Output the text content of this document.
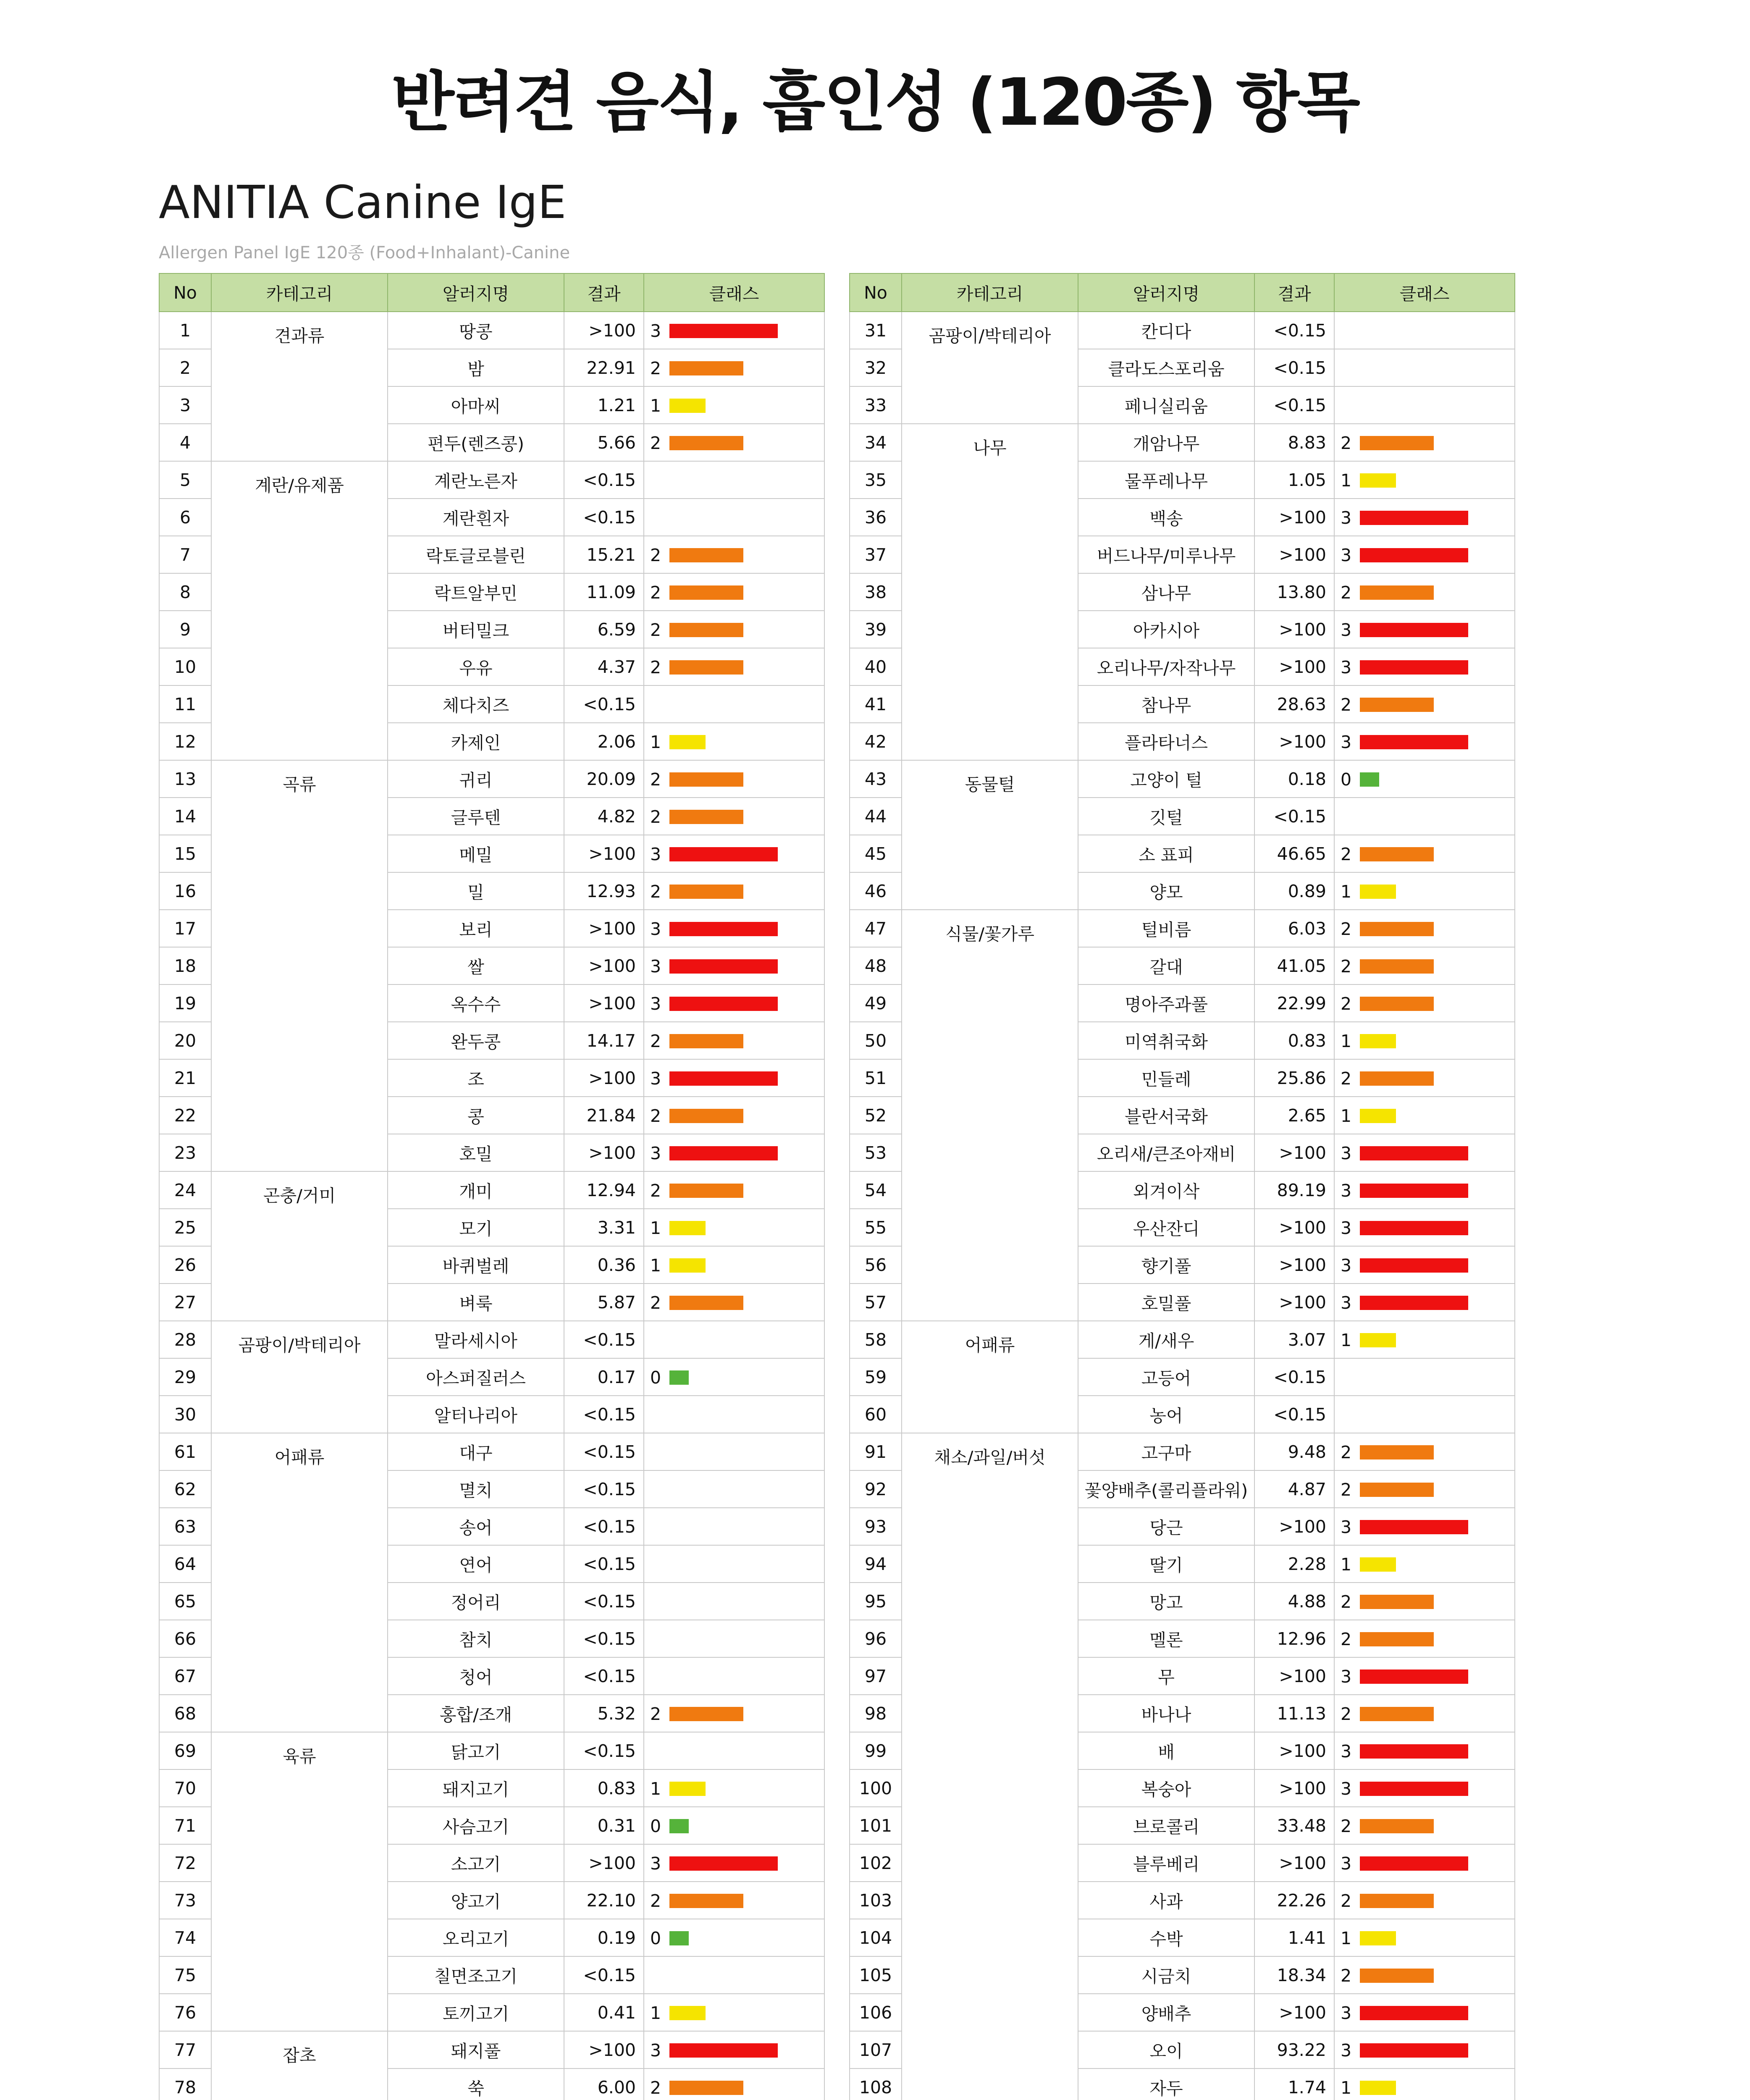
반려견 음식, 흡인성 (120종) 항목
ANITIA Canine IgE
Allergen Panel IgE 120종 (Food+Inhalant)-Canine
No	카테고리	알러지명	결과	클래스
1	견과류	땅콩	>100	3
2		밤	22.91	2
3		아마씨	1.21	1
4		편두(렌즈콩)	5.66	2
5	계란/유제품	계란노른자	<0.15	
6		계란흰자	<0.15	
7		락토글로블린	15.21	2
8		락트알부민	11.09	2
9		버터밀크	6.59	2
10		우유	4.37	2
11		체다치즈	<0.15	
12		카제인	2.06	1
13	곡류	귀리	20.09	2
14		글루텐	4.82	2
15		메밀	>100	3
16		밀	12.93	2
17		보리	>100	3
18		쌀	>100	3
19		옥수수	>100	3
20		완두콩	14.17	2
21		조	>100	3
22		콩	21.84	2
23		호밀	>100	3
24	곤충/거미	개미	12.94	2
25		모기	3.31	1
26		바퀴벌레	0.36	1
27		벼룩	5.87	2
28	곰팡이/박테리아	말라세시아	<0.15	
29		아스퍼질러스	0.17	0
30		알터나리아	<0.15	
61	어패류	대구	<0.15	
62		멸치	<0.15	
63		송어	<0.15	
64		연어	<0.15	
65		정어리	<0.15	
66		참치	<0.15	
67		청어	<0.15	
68		홍합/조개	5.32	2
69	육류	닭고기	<0.15	
70		돼지고기	0.83	1
71		사슴고기	0.31	0
72		소고기	>100	3
73		양고기	22.10	2
74		오리고기	0.19	0
75		칠면조고기	<0.15	
76		토끼고기	0.41	1
77	잡초	돼지풀	>100	3
78		쑥	6.00	2
No	카테고리	알러지명	결과	클래스
31	곰팡이/박테리아	칸디다	<0.15	
32		클라도스포리움	<0.15	
33		페니실리움	<0.15	
34	나무	개암나무	8.83	2
35		물푸레나무	1.05	1
36		백송	>100	3
37		버드나무/미루나무	>100	3
38		삼나무	13.80	2
39		아카시아	>100	3
40		오리나무/자작나무	>100	3
41		참나무	28.63	2
42		플라타너스	>100	3
43	동물털	고양이 털	0.18	0
44		깃털	<0.15	
45		소 표피	46.65	2
46		양모	0.89	1
47	식물/꽃가루	털비름	6.03	2
48		갈대	41.05	2
49		명아주과풀	22.99	2
50		미역취국화	0.83	1
51		민들레	25.86	2
52		블란서국화	2.65	1
53		오리새/큰조아재비	>100	3
54		외겨이삭	89.19	3
55		우산잔디	>100	3
56		향기풀	>100	3
57		호밀풀	>100	3
58	어패류	게/새우	3.07	1
59		고등어	<0.15	
60		농어	<0.15	
91	채소/과일/버섯	고구마	9.48	2
92		꽃양배추(콜리플라워)	4.87	2
93		당근	>100	3
94		딸기	2.28	1
95		망고	4.88	2
96		멜론	12.96	2
97		무	>100	3
98		바나나	11.13	2
99		배	>100	3
100		복숭아	>100	3
101		브로콜리	33.48	2
102		블루베리	>100	3
103		사과	22.26	2
104		수박	1.41	1
105		시금치	18.34	2
106		양배추	>100	3
107		오이	93.22	3
108		자두	1.74	1
